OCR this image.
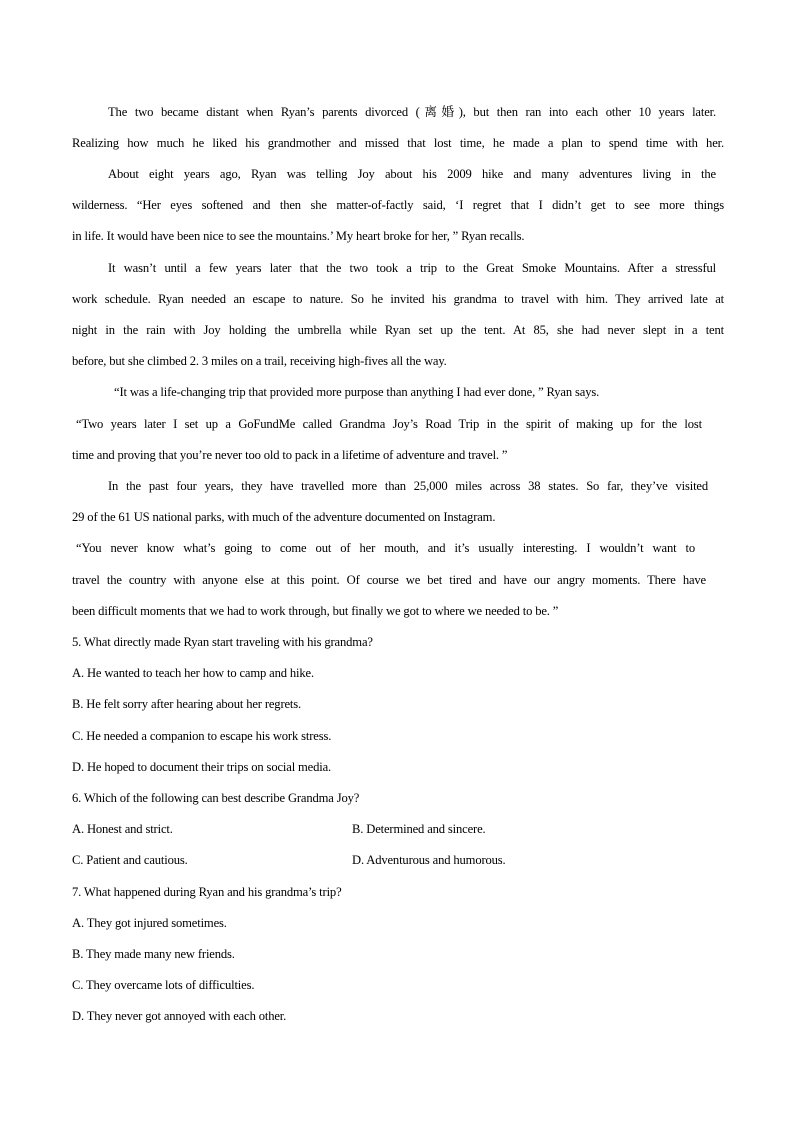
The two became distant when Ryan’s parents divorced (离婚), but then ran into each other 10 years later.
Realizing how much he liked his grandmother and missed that lost time, he made a plan to spend time with her.
About eight years ago, Ryan was telling Joy about his 2009 hike and many adventures living in the
wilderness. “Her eyes softened and then she matter-of-factly said, ‘I regret that I didn’t get to see more things
in life. It would have been nice to see the mountains.’ My heart broke for her, ” Ryan recalls.
It wasn’t until a few years later that the two took a trip to the Great Smoke Mountains. After a stressful
work schedule. Ryan needed an escape to nature. So he invited his grandma to travel with him. They arrived late at
night in the rain with Joy holding the umbrella while Ryan set up the tent. At 85, she had never slept in a tent
before, but she climbed 2. 3 miles on a trail, receiving high-fives all the way.
“It was a life-changing trip that provided more purpose than anything I had ever done, ” Ryan says.
“Two years later I set up a GoFundMe called Grandma Joy’s Road Trip in the spirit of making up for the lost
time and proving that you’re never too old to pack in a lifetime of adventure and travel. ”
In the past four years, they have travelled more than 25,000 miles across 38 states. So far, they’ve visited
29 of the 61 US national parks, with much of the adventure documented on Instagram.
“You never know what’s going to come out of her mouth, and it’s usually interesting. I wouldn’t want to
travel the country with anyone else at this point. Of course we bet tired and have our angry moments. There have
been difficult moments that we had to work through, but finally we got to where we needed to be. ”
5. What directly made Ryan start traveling with his grandma?
A. He wanted to teach her how to camp and hike.
B. He felt sorry after hearing about her regrets.
C. He needed a companion to escape his work stress.
D. He hoped to document their trips on social media.
6. Which of the following can best describe Grandma Joy?
A. Honest and strict.	B. Determined and sincere.
C. Patient and cautious.	D. Adventurous and humorous.
7. What happened during Ryan and his grandma’s trip?
A. They got injured sometimes.
B. They made many new friends.
C. They overcame lots of difficulties.
D. They never got annoyed with each other.
